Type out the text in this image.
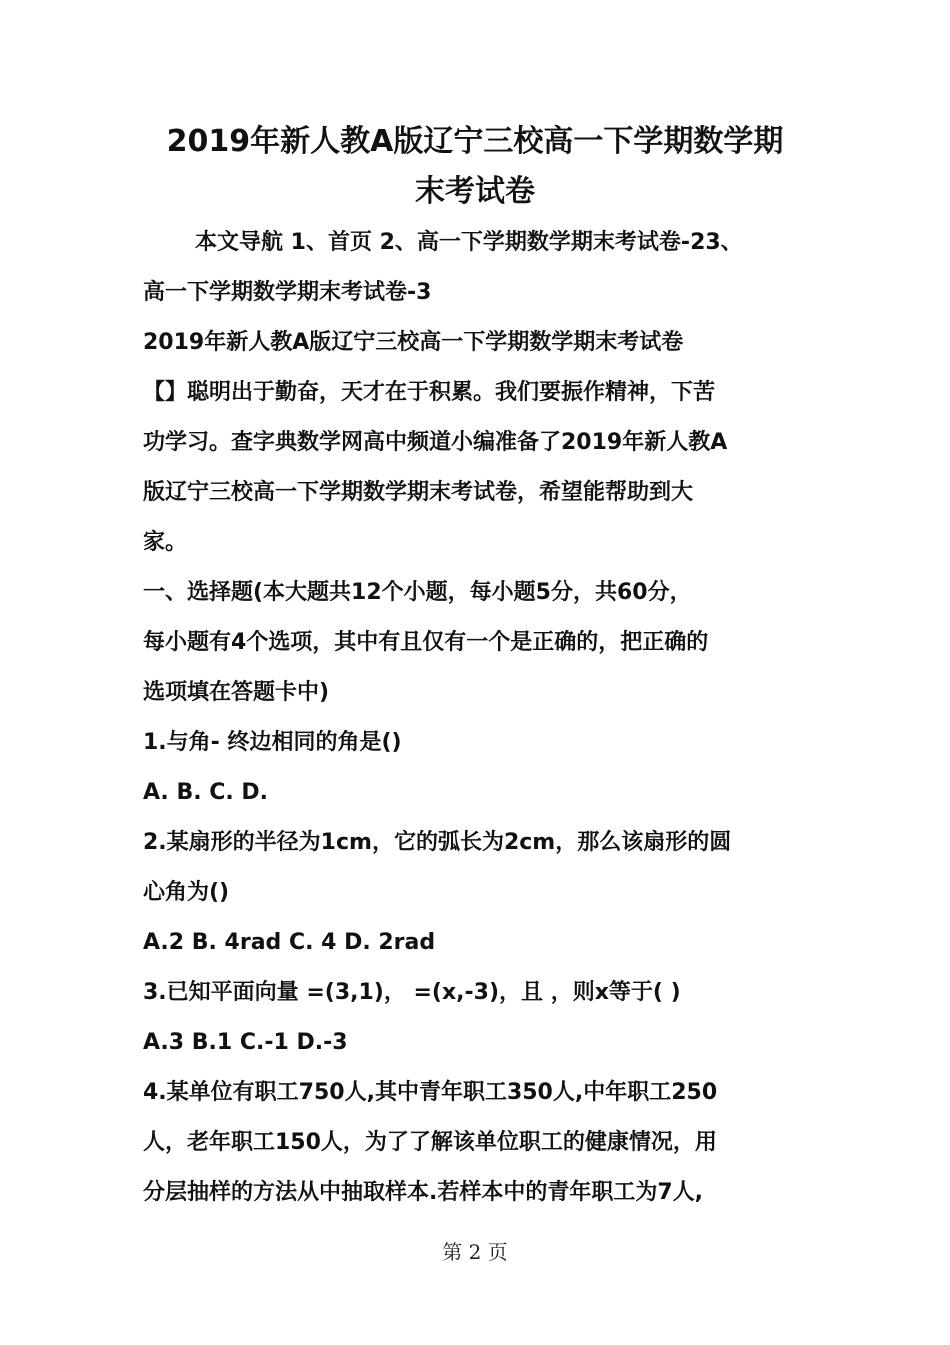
2019年新人教A版辽宁三校高一下学期数学期
末考试卷
本文导航 1、首页 2、高一下学期数学期末考试卷-23、
高一下学期数学期末考试卷-3
2019年新人教A版辽宁三校高一下学期数学期末考试卷
【】聪明出于勤奋，天才在于积累。我们要振作精神，下苦
功学习。查字典数学网高中频道小编准备了2019年新人教A
版辽宁三校高一下学期数学期末考试卷，希望能帮助到大
家。
一、选择题(本大题共12个小题，每小题5分，共60分，
每小题有4个选项，其中有且仅有一个是正确的，把正确的
选项填在答题卡中)
1.与角- 终边相同的角是()
A. B. C. D.
2.某扇形的半径为1cm，它的弧长为2cm，那么该扇形的圆
心角为()
A.2 B. 4rad C. 4 D. 2rad
3.已知平面向量 =(3,1)， =(x,-3)，且 ，则x等于( )
A.3 B.1 C.-1 D.-3
4.某单位有职工750人,其中青年职工350人,中年职工250
人，老年职工150人，为了了解该单位职工的健康情况，用
分层抽样的方法从中抽取样本.若样本中的青年职工为7人,
第 2 页
